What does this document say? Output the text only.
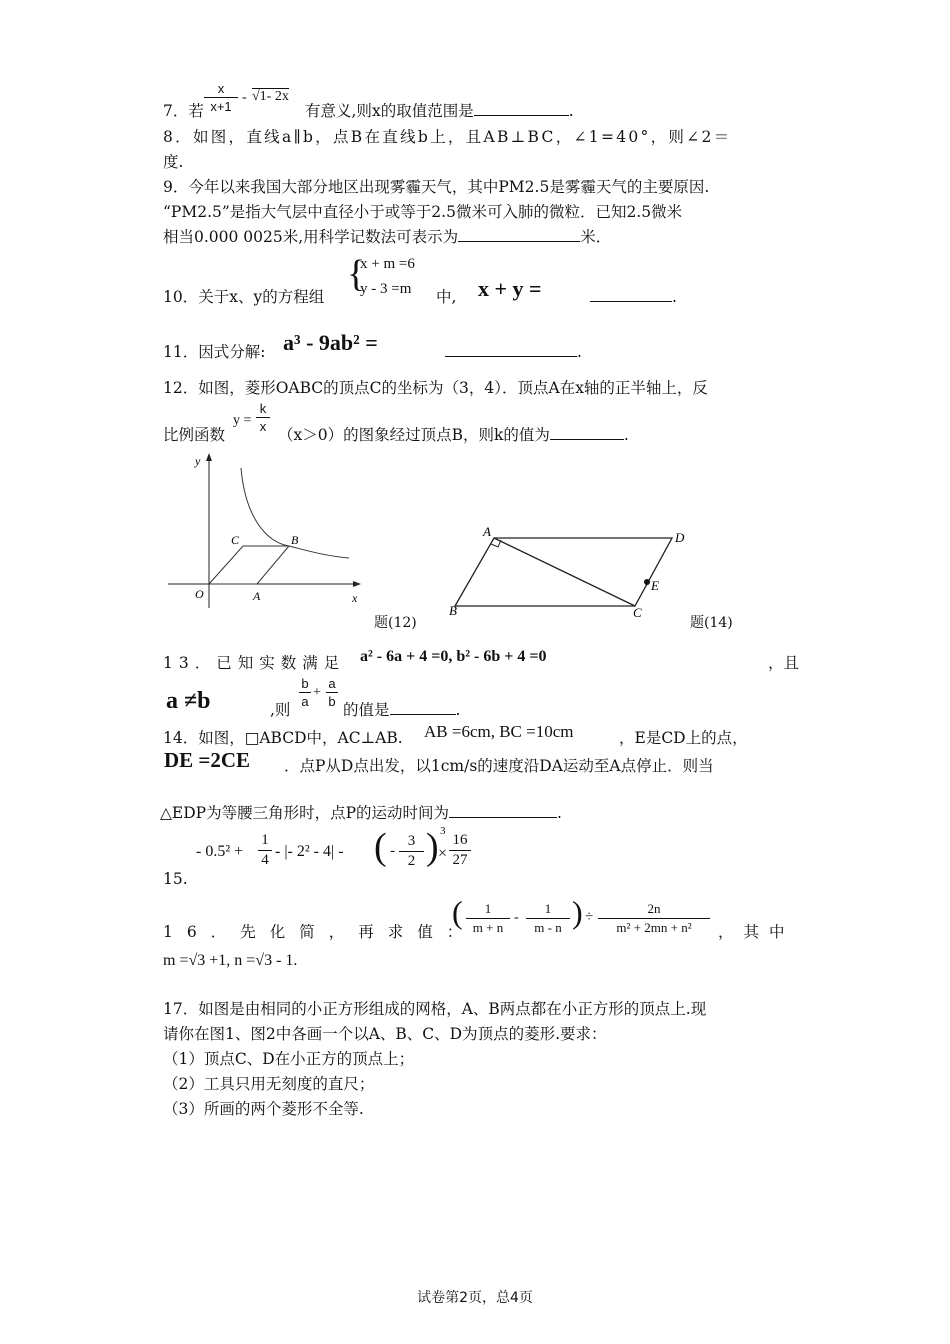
7．若
x
x+1
- √1- 2x
有意义,则x的取值范围是	.
8．如图，直线a∥b，点B在直线b上，且AB⊥BC，∠1=40°，则∠2＝
度.
9．今年以来我国大部分地区出现雾霾天气，其中PM2.5是雾霾天气的主要原因.
“PM2.5”是指大气层中直径小于或等于2.5微米可入肺的微粒．已知2.5微米
相当0.000 0025米,用科学记数法可表示为	米．
{
x + m =6
y - 3 =m
10．关于x、y的方程组	中, x + y =	.
11．因式分解: a³ - 9ab² =	.
12．如图，菱形OABC的顶点C的坐标为（3，4）．顶点A在x轴的正半轴上，反
比例函数
y =
k
x （x＞0）的图象经过顶点B，则k的值为	.
y
x
O	A
B
C
题(12)
A	D
E
C
B
题(14)
13．已知实数满足 a² - 6a + 4 =0, b² - 6b + 4 =0	，且
a ≠b	,则
b
a
+
a
b 的值是	.
14．如图，□ABCD中，AC⊥AB. AB =6cm, BC =10cm	，E是CD上的点，
DE =2CE ．点P从D点出发，以1cm/s的速度沿DA运动至A点停止．则当
△EDP为等腰三角形时，点P的运动时间为	.
- 0.5² +
1
4 - |- 2² - 4| - ( -
3
2 ) 3
×
16
27
15.
16．先化简，再求值：
(	1
m + n
-
1
m - n ) ÷
2n
m² + 2mn + n²	，其中
m =√3 +1, n =√3 - 1.
17．如图是由相同的小正方形组成的网格，A、B两点都在小正方形的顶点上.现
请你在图1、图2中各画一个以A、B、C、D为顶点的菱形.要求：
（1）顶点C、D在小正方的顶点上；
（2）工具只用无刻度的直尺；
（3）所画的两个菱形不全等.
试卷第2页，总4页
